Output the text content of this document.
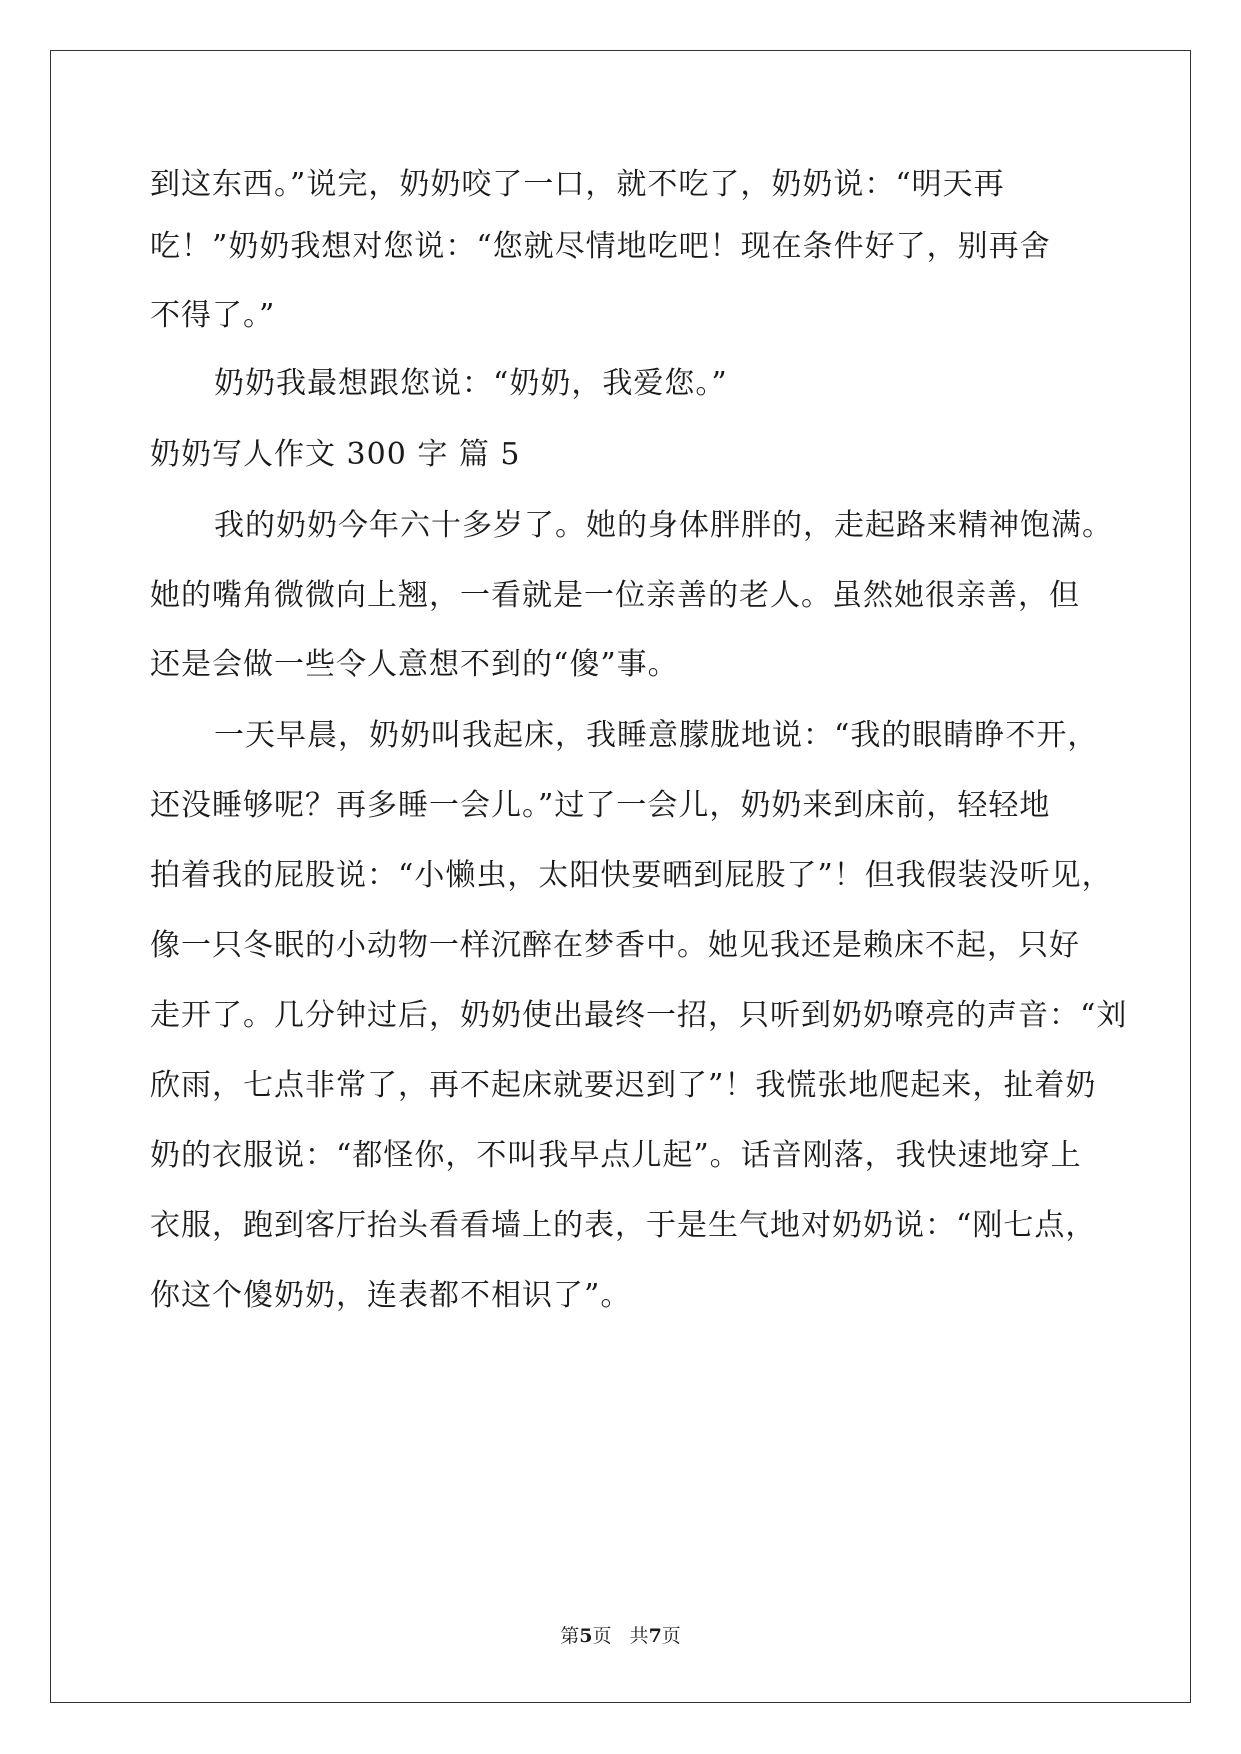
到这东西。”说完，奶奶咬了一口，就不吃了，奶奶说：“明天再
吃！”奶奶我想对您说：“您就尽情地吃吧！现在条件好了，别再舍
不得了。”
奶奶我最想跟您说：“奶奶，我爱您。”
奶奶写人作文 300 字 篇 5
我的奶奶今年六十多岁了。她的身体胖胖的，走起路来精神饱满。
她的嘴角微微向上翘，一看就是一位亲善的老人。虽然她很亲善，但
还是会做一些令人意想不到的“傻”事。
一天早晨，奶奶叫我起床，我睡意朦胧地说：“我的眼睛睁不开，
还没睡够呢？再多睡一会儿。”过了一会儿，奶奶来到床前，轻轻地
拍着我的屁股说：“小懒虫，太阳快要晒到屁股了”！但我假装没听见，
像一只冬眠的小动物一样沉醉在梦香中。她见我还是赖床不起，只好
走开了。几分钟过后，奶奶使出最终一招，只听到奶奶嘹亮的声音：“刘
欣雨，七点非常了，再不起床就要迟到了”！我慌张地爬起来，扯着奶
奶的衣服说：“都怪你，不叫我早点儿起”。话音刚落，我快速地穿上
衣服，跑到客厅抬头看看墙上的表，于是生气地对奶奶说：“刚七点，
你这个傻奶奶，连表都不相识了”。
第5页   共7页
